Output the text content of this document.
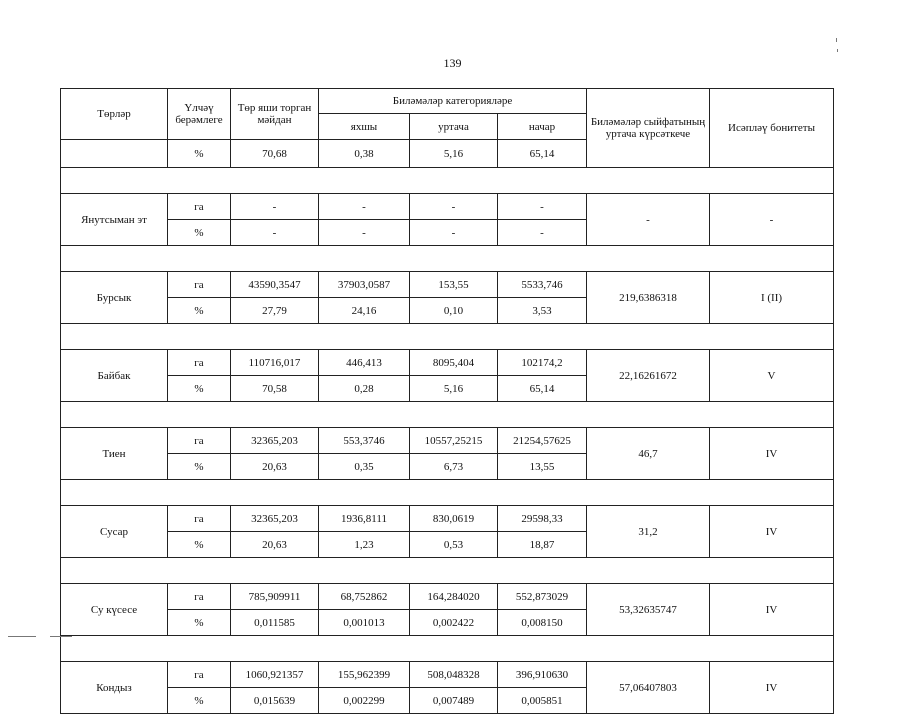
139
Төрләр	Үлчәү берәмлеге	Төр яши торган мәйдан	Биләмәләр категорияләре			Биләмәләр сыйфатының уртача күрсәткече	Исәпләү бонитеты
			яхшы	уртача	начар		
	%	70,68	0,38	5,16	65,14		

Янутсыман эт	га	-	-	-	-	-	-
	%	-	-	-	-		

Бурсык	га	43590,3547	37903,0587	153,55	5533,746	219,6386318	I (II)
	%	27,79	24,16	0,10	3,53		

Байбак	га	110716,017	446,413	8095,404	102174,2	22,16261672	V
	%	70,58	0,28	5,16	65,14		

Тиен	га	32365,203	553,3746	10557,25215	21254,57625	46,7	IV
	%	20,63	0,35	6,73	13,55		

Сусар	га	32365,203	1936,8111	830,0619	29598,33	31,2	IV
	%	20,63	1,23	0,53	18,87		

Су күсесе	га	785,909911	68,752862	164,284020	552,873029	53,32635747	IV
	%	0,011585	0,001013	0,002422	0,008150		

Кондыз	га	1060,921357	155,962399	508,048328	396,910630	57,06407803	IV
	%	0,015639	0,002299	0,007489	0,005851		
